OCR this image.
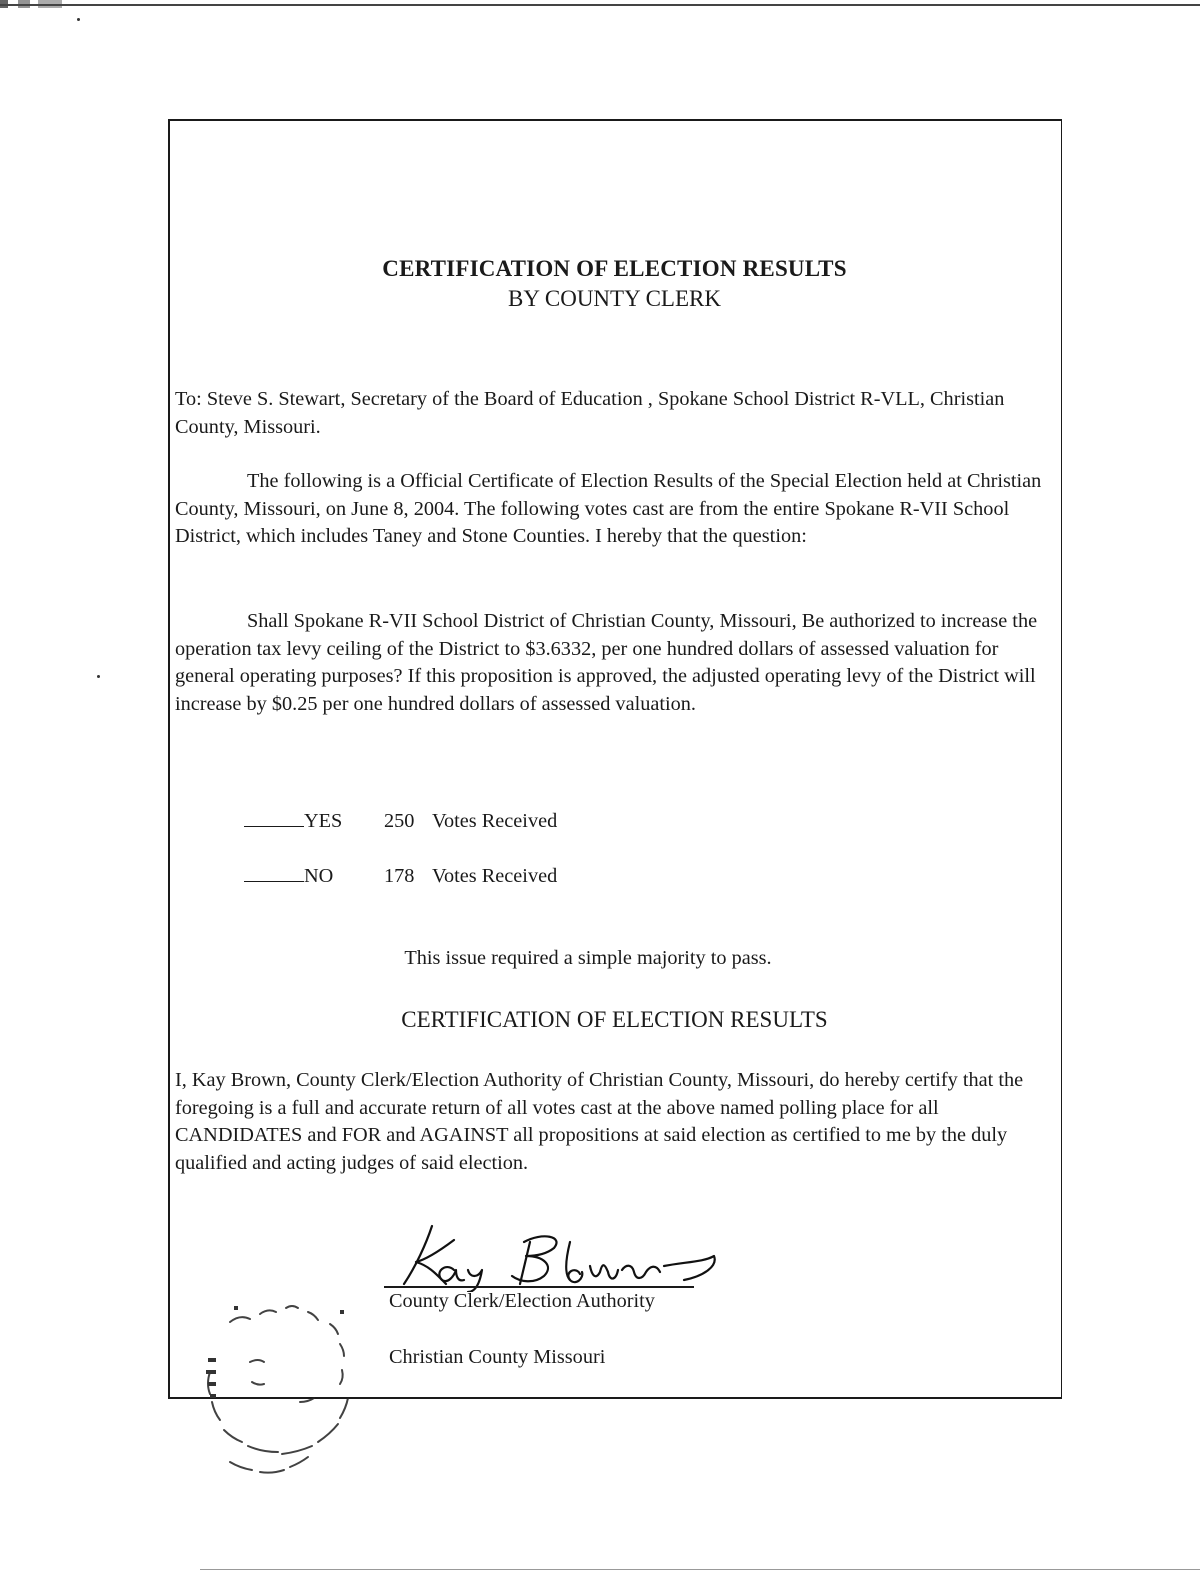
CERTIFICATION OF ELECTION RESULTS
BY COUNTY CLERK

To: Steve S. Stewart, Secretary of the Board of Education , Spokane School District R-VLL, Christian County, Missouri.

The following is a Official Certificate of Election Results of the Special Election held at Christian County, Missouri, on June 8, 2004. The following votes cast are from the entire Spokane R-VII School District, which includes Taney and Stone Counties. I hereby that the question:

Shall Spokane R-VII School District of Christian County, Missouri, Be authorized to increase the operation tax levy ceiling of the District to $3.6332, per one hundred dollars of assessed valuation for general operating purposes? If this proposition is approved, the adjusted operating levy of the District will increase by $0.25 per one hundred dollars of assessed valuation.

YES 250 Votes Received
NO 178 Votes Received
This issue required a simple majority to pass.
CERTIFICATION OF ELECTION RESULTS

I, Kay Brown, County Clerk/Election Authority of Christian County, Missouri, do hereby certify that the foregoing is a full and accurate return of all votes cast at the above named polling place for all CANDIDATES and FOR and AGAINST all propositions at said election as certified to me by the duly qualified and acting judges of said election.

County Clerk/Election Authority
Christian County Missouri
